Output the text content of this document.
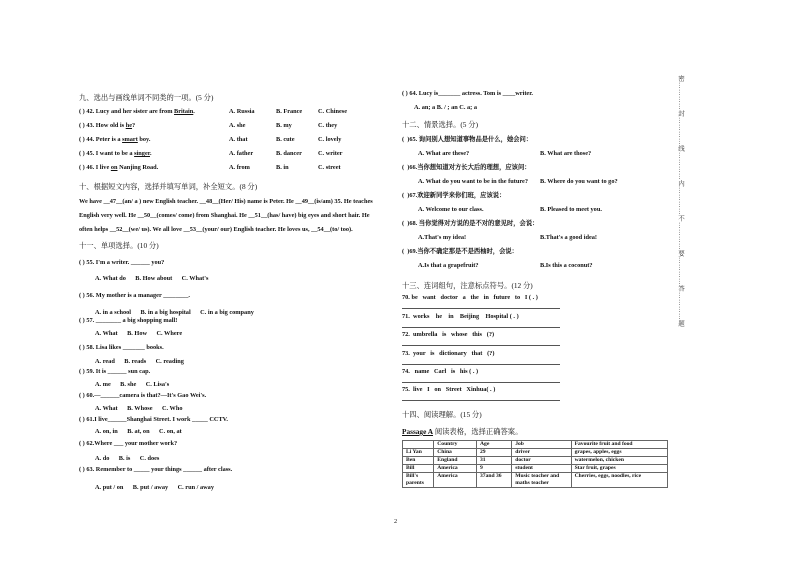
九、选出与画线单词不同类的一项。(5 分)
( ) 42. Lucy and her sister are from Britain.	A. Russia	B. France	C. Chinese
( ) 43. How old is he?	A. she	B. my	C. they
( ) 44. Peter is a smart boy.	A. that	B. cute	C. lovely
( ) 45. I want to be a singer.	A. father	B. dancer	C. writer
( ) 46. I live on Nanjing Road.	A. from	B. in	C. street
十、根据短文内容，选择并填写单词，补全短文。(8 分)
We have __47__(an/ a ) new English teacher. __48__(Her/ His) name is Peter. He __49__(is/am) 35. He teaches
English very well. He __50__(comes/ come) from Shanghai. He __51__(has/ have) big eyes and short hair. He
often helps __52__(we/ us). We all love __53__(your/ our) English teacher. He loves us, __54__(to/ too).
十一、单项选择。(10 分)
( ) 55. I'm a writer. ______ you?
A. What do      B. How about      C. What's
( ) 56. My mother is a manager ________.
A. in a school      B. in a big hospital      C. in a big company
( ) 57. ________ a big shopping mall!
A. What      B. How      C. Where
( ) 58. Lisa likes _______ books.
A. read      B. reads      C. reading
( ) 59. It is ______ sun cap.
A. me      B. she      C. Lisa's
( ) 60.—______camera is that?—It's Gao Wei's.
A. What      B. Whose      C. Who
( ) 61.I live______Shanghai Street. I work _____ CCTV.
A. on, in      B. at, on      C. on, at
( ) 62.Where ___ your mother work?
A. do      B. is      C. does
( ) 63. Remember to _____ your things ______ after class.
A. put / on      B. put / away      C. run / away
( ) 64. Lucy is_______ actress. Tom is ____writer.
A. an; a B. / ; an C. a; a
十二、情景选择。(5 分)
(  )65. 询问别人想知道事物品是什么，她会问：
A. What are these?	B. What are those?
(  )66.当你想知道对方长大后的理想，应该问：
A. What do you want to be in the future? B. Where do you want to go?
(  )67.欢迎新同学来你们班，应该说：
A. Welcome to our class.	B. Pleased to meet you.
(  )68. 当你觉得对方说的是不对的意见时，会说：
A.That's my idea!	B.That's a good idea!
(  )69.当你不确定那是不是西柚时，会说：
A.Is that a grapefruit?	B.Is this a coconut?
十三、连词组句，注意标点符号。(12 分)
70. be   want   doctor   a   the   in   future   to   I ( . )
71.  works    he    in    Beijing    Hospital ( . )
72.  umbrella   is   whose   this   (?)
73.  your   is   dictionary   that   (?)
74.   name   Carl   is   his ( . )
75.  live   I   on   Street   Xinhua( . )
十四、阅读理解。(15 分)
Passage A 阅读表格，选择正确答案。
	Country	Age	Job	Favourite fruit and food
Li Yan	China	29	driver	grapes, apples, eggs
Ben	England	31	doctor	watermelon, chicken
Bill	America	9	student	Star fruit, grapes
Bill's parents	America	37and 36	Music teacher and maths teacher	Cherries, eggs, noodles, rice
2
密…………封…………线…………内…………不…………要…………答…………题
